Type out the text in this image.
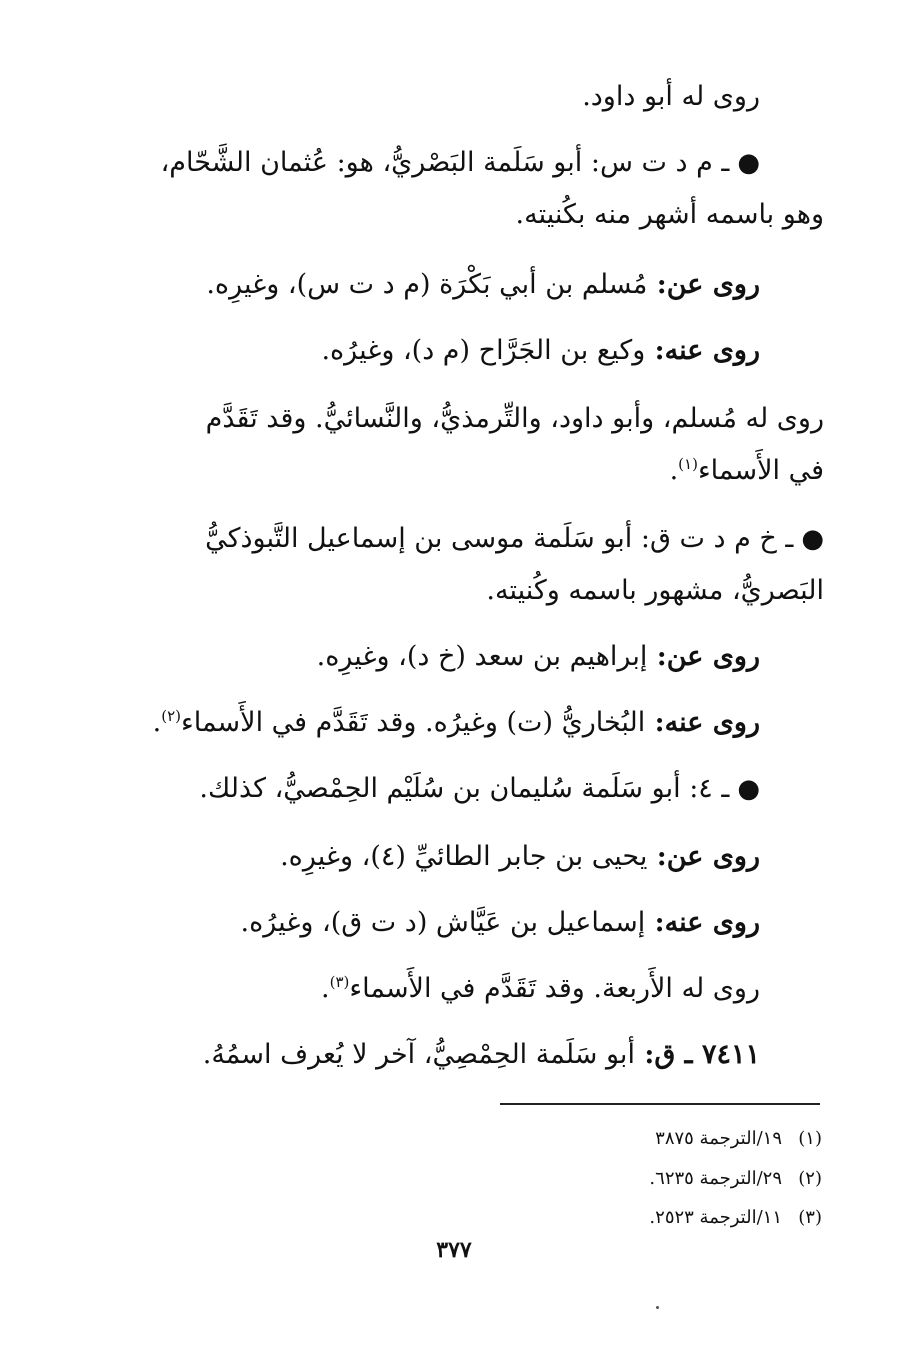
روى له أبو داود.
●ـ م د ت س: أبو سَلَمة البَصْريُّ، هو: عُثمان الشَّحّام،
وهو باسمه أشهر منه بكُنيته.
روى عن: مُسلم بن أبي بَكْرَة (م د ت س)، وغيرِه.
روى عنه: وكيع بن الجَرَّاح (م د)، وغيرُه.
روى له مُسلم، وأبو داود، والتِّرمذيُّ، والنَّسائيُّ. وقد تَقَدَّم
في الأَسماء$^{(١)}$.
●ـ خ م د ت ق: أبو سَلَمة موسى بن إسماعيل التَّبوذكيُّ
البَصريُّ، مشهور باسمه وكُنيته.
روى عن: إبراهيم بن سعد (خ د)، وغيرِه.
روى عنه: البُخاريُّ (ت) وغيرُه. وقد تَقَدَّم في الأَسماء$^{(٢)}$.
●ـ ٤: أبو سَلَمة سُليمان بن سُلَيْم الحِمْصيُّ، كذلك.
روى عن: يحيى بن جابر الطائيِّ (٤)، وغيرِه.
روى عنه: إسماعيل بن عَيَّاش (د ت ق)، وغيرُه.
روى له الأَربعة. وقد تَقَدَّم في الأَسماء$^{(٣)}$.
٧٤١١ ـ ق: أبو سَلَمة الحِمْصِيُّ، آخر لا يُعرف اسمُهُ.
(١)١٩/الترجمة ٣٨٧٥
(٢)٢٩/الترجمة ٦٢٣٥.
(٣)١١/الترجمة ٢٥٢٣.
٣٧٧
